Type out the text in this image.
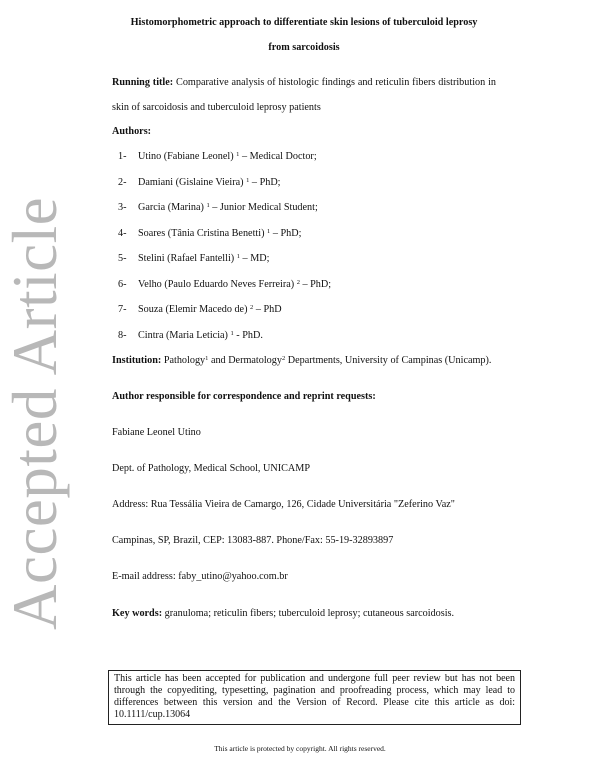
Accepted Article
Histomorphometric approach to differentiate skin lesions of tuberculoid leprosy
from sarcoidosis
Running title: Comparative analysis of histologic findings and reticulin fibers distribution in skin of sarcoidosis and tuberculoid leprosy patients
Authors:
1- Utino (Fabiane Leonel) $^1$ – Medical Doctor;
2- Damiani (Gislaine Vieira) $^1$ – PhD;
3- Garcia (Marina) $^1$ – Junior Medical Student;
4- Soares (Tânia Cristina Benetti) $^1$ – PhD;
5- Stelini (Rafael Fantelli) $^1$ – MD;
6- Velho (Paulo Eduardo Neves Ferreira) $^2$ – PhD;
7- Souza (Elemir Macedo de) $^2$ – PhD
8- Cintra (Maria Leticia) $^1$ - PhD.
Institution: Pathology$^1$ and Dermatology$^2$ Departments, University of Campinas (Unicamp).
Author responsible for correspondence and reprint requests:
Fabiane Leonel Utino
Dept. of Pathology, Medical School, UNICAMP
Address: Rua Tessália Vieira de Camargo, 126, Cidade Universitária "Zeferino Vaz"
Campinas, SP, Brazil, CEP: 13083-887. Phone/Fax: 55-19-32893897
E-mail address: faby_utino@yahoo.com.br
Key words: granuloma; reticulin fibers; tuberculoid leprosy; cutaneous sarcoidosis.
This article has been accepted for publication and undergone full peer review but has not been through the copyediting, typesetting, pagination and proofreading process, which may lead to differences between this version and the Version of Record. Please cite this article as doi: 10.1111/cup.13064
This article is protected by copyright. All rights reserved.
